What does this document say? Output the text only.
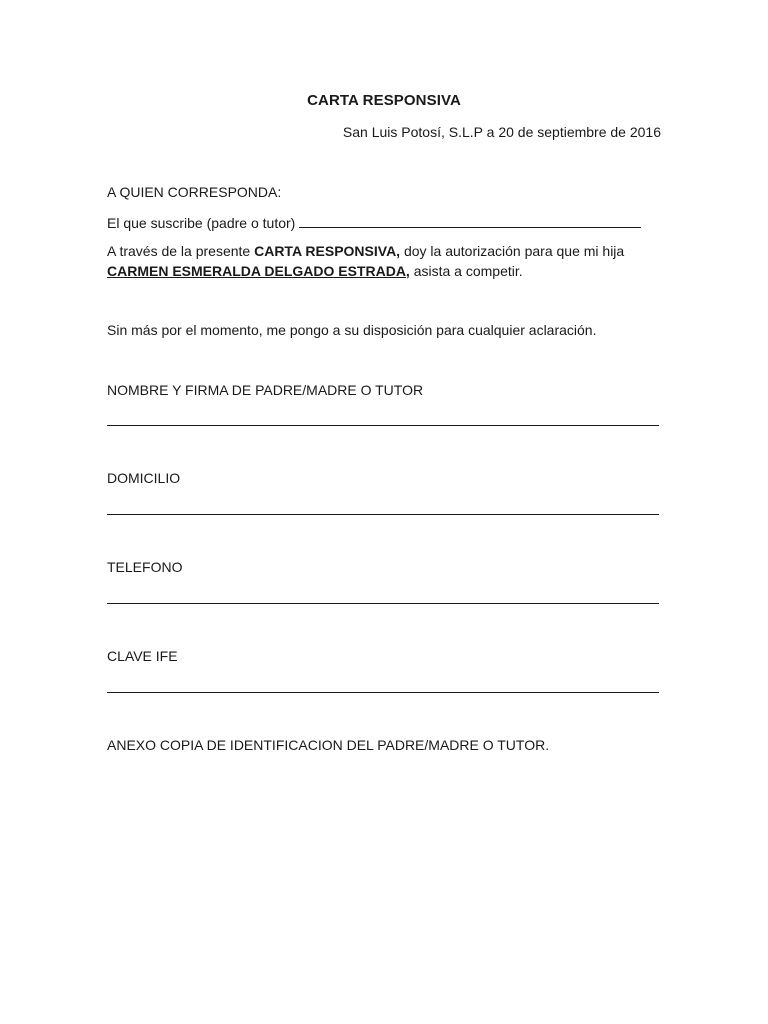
CARTA RESPONSIVA
San Luis Potosí, S.L.P a 20 de septiembre de 2016
A QUIEN CORRESPONDA:
El que suscribe (padre o tutor)
A través de la presente CARTA RESPONSIVA, doy la autorización para que mi hija CARMEN ESMERALDA DELGADO ESTRADA, asista a competir.
Sin más por el momento, me pongo a su disposición para cualquier aclaración.
NOMBRE Y FIRMA DE PADRE/MADRE O TUTOR
DOMICILIO
TELEFONO
CLAVE IFE
ANEXO COPIA DE IDENTIFICACION DEL PADRE/MADRE O TUTOR.
